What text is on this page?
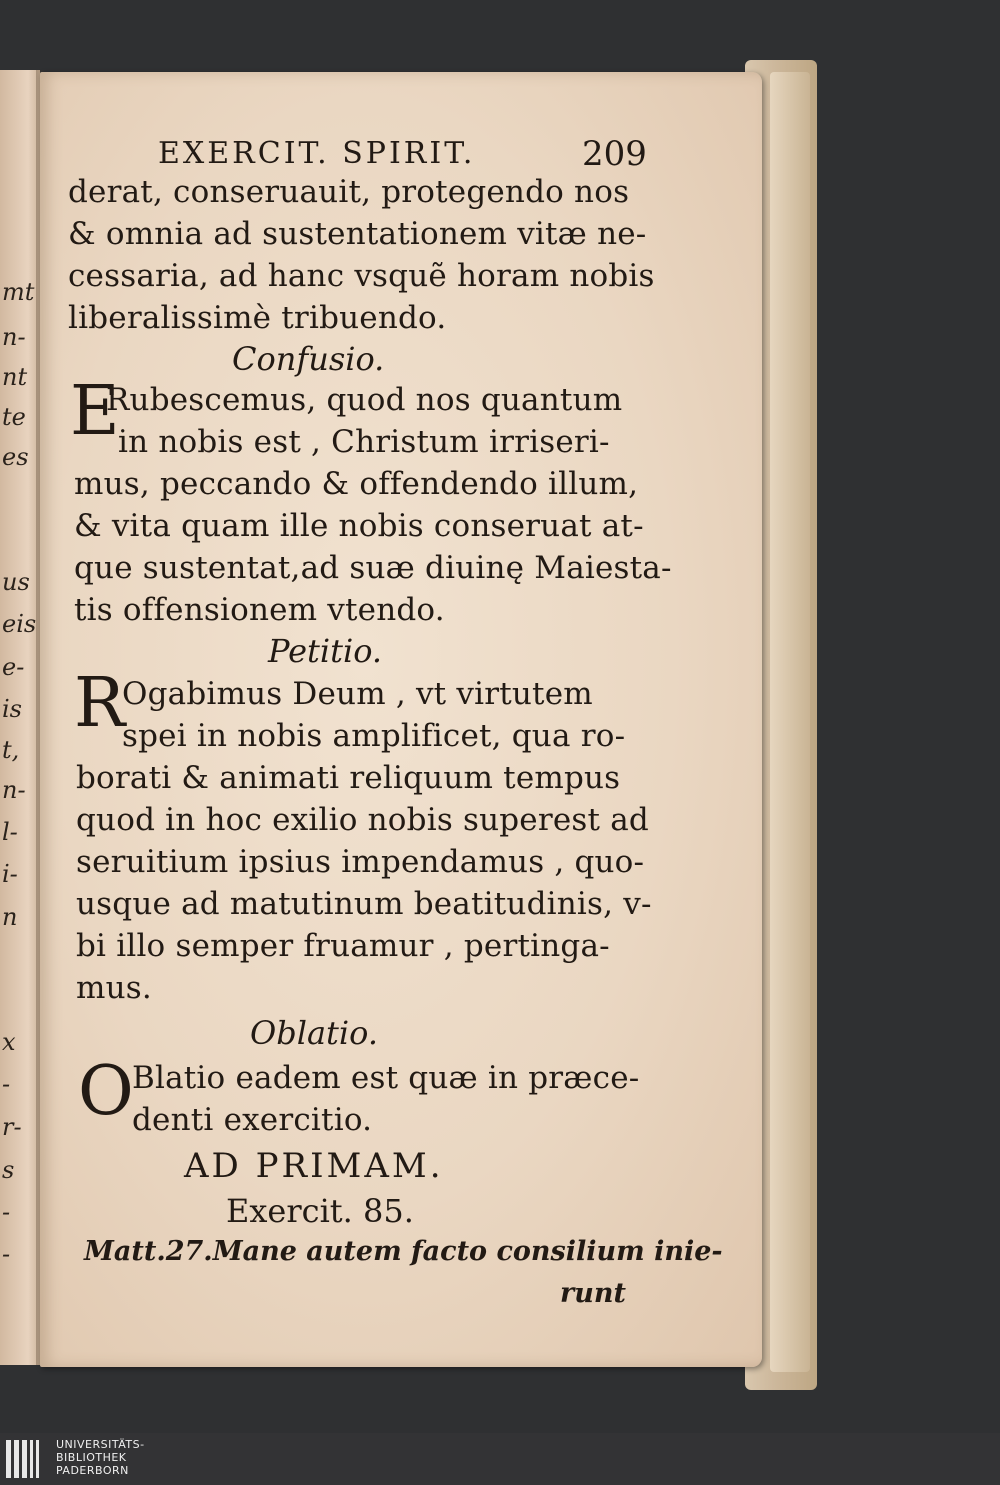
mt
n-
nt
te
es
us
eis
e-
is
t,
n-
l-
i-
n
x
-
r-
s
-
-
EXERCIT. SPIRIT.	209
derat, conseruauit, protegendo nos
& omnia ad sustentationem vitæ ne-
cessaria, ad hanc vsquẽ horam nobis
liberalissimè tribuendo.
Confusio.
E
Rubescemus, quod nos quantum
in nobis est , Christum irriseri-
mus, peccando & offendendo illum,
& vita quam ille nobis conseruat at-
que sustentat,ad suæ diuinę Maiesta-
tis offensionem vtendo.
Petitio.
R
Ogabimus Deum , vt virtutem
spei in nobis amplificet, qua ro-
borati & animati reliquum tempus
quod in hoc exilio nobis superest ad
seruitium ipsius impendamus , quo-
usque ad matutinum beatitudinis, v-
bi illo semper fruamur , pertinga-
mus.
Oblatio.
O
Blatio eadem est quæ in præce-
denti exercitio.
AD PRIMAM.
Exercit. 85.
Matt.27.Mane autem facto consilium inie-
runt
UNIVERSITÄTS-
BIBLIOTHEK
PADERBORN
